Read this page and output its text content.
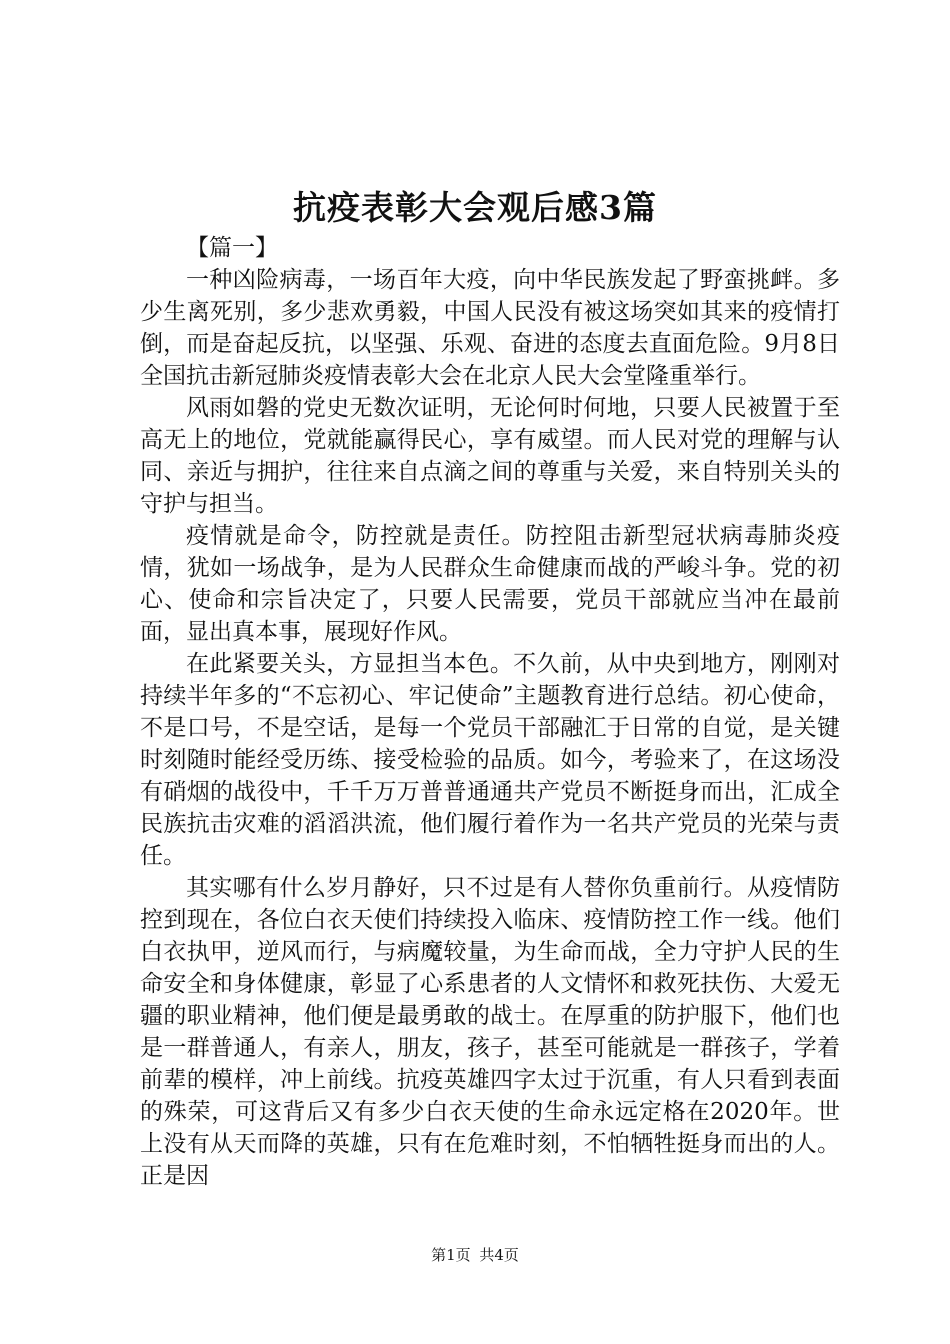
抗疫表彰大会观后感3篇

【篇一】

一种凶险病毒，一场百年大疫，向中华民族发起了野蛮挑衅。多少生离死别，多少悲欢勇毅，中国人民没有被这场突如其来的疫情打倒，而是奋起反抗，以坚强、乐观、奋进的态度去直面危险。9月8日全国抗击新冠肺炎疫情表彰大会在北京人民大会堂隆重举行。

风雨如磐的党史无数次证明，无论何时何地，只要人民被置于至高无上的地位，党就能赢得民心，享有威望。而人民对党的理解与认同、亲近与拥护，往往来自点滴之间的尊重与关爱，来自特别关头的守护与担当。

疫情就是命令，防控就是责任。防控阻击新型冠状病毒肺炎疫情，犹如一场战争，是为人民群众生命健康而战的严峻斗争。党的初心、使命和宗旨决定了，只要人民需要，党员干部就应当冲在最前面，显出真本事，展现好作风。

在此紧要关头，方显担当本色。不久前，从中央到地方，刚刚对持续半年多的“不忘初心、牢记使命”主题教育进行总结。初心使命，不是口号，不是空话，是每一个党员干部融汇于日常的自觉，是关键时刻随时能经受历练、接受检验的品质。如今，考验来了，在这场没有硝烟的战役中，千千万万普普通通共产党员不断挺身而出，汇成全民族抗击灾难的滔滔洪流，他们履行着作为一名共产党员的光荣与责任。

其实哪有什么岁月静好，只不过是有人替你负重前行。从疫情防控到现在，各位白衣天使们持续投入临床、疫情防控工作一线。他们白衣执甲，逆风而行，与病魔较量，为生命而战，全力守护人民的生命安全和身体健康，彰显了心系患者的人文情怀和救死扶伤、大爱无疆的职业精神，他们便是最勇敢的战士。在厚重的防护服下，他们也是一群普通人，有亲人，朋友，孩子，甚至可能就是一群孩子，学着前辈的模样，冲上前线。抗疫英雄四字太过于沉重，有人只看到表面的殊荣，可这背后又有多少白衣天使的生命永远定格在2020年。世上没有从天而降的英雄，只有在危难时刻，不怕牺牲挺身而出的人。正是因

第1页 共4页
